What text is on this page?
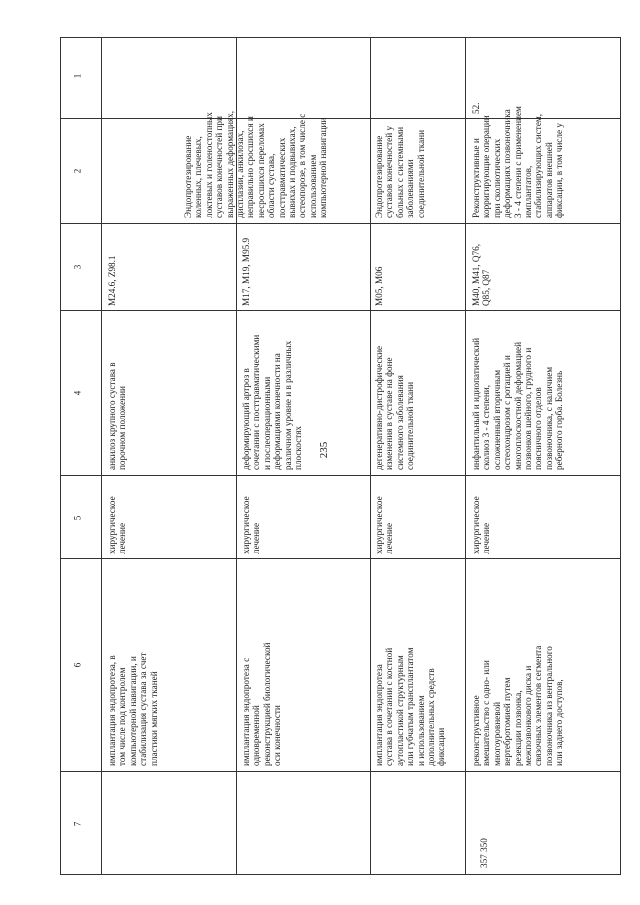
235
1
2
3
4
5
6
7
M24.6, Z98.1
анкилоз крупного сустава в
порочном положении
хирургическое
лечение
имплантация эндопротеза, в
том числе под контролем
компьютерной навигации, и
стабилизация сустава за счет
пластики мягких тканей
Эндопротезирование
коленных, плечевых,
локтевых и голеностопных
суставов конечностей при
выраженных деформациях,
дисплазии, анкилозах,
неправильно сросшихся и
несросшихся переломах
области сустава,
посттравматических
вывихах и подвывихах,
остеопорозе, в том числе с
использованием
компьютерной навигации
M17, M19, M95.9
деформирующий артроз в
сочетании с посттравматическими
и послеоперационными
деформациями конечности на
различном уровне и в различных
плоскостях
хирургическое
лечение
имплантация эндопротеза с
одновременной
реконструкцией биологической
оси конечности
Эндопротезирование
суставов конечностей у
больных с системными
заболеваниями
соединительной ткани
M05, M06
дегенеративно-дистрофические
изменения в суставе на фоне
системного заболевания
соединительной ткани
хирургическое
лечение
имплантация эндопротеза
сустава в сочетании с костной
аутопластикой структурным
или губчатым трансплантатом
и использованием
дополнительных средств
фиксации
52.
Реконструктивные и
корригирующие операции
при сколиотических
деформациях позвоночника
3 - 4 степени с применением
имплантатов,
стабилизирующих систем,
аппаратов внешней
фиксации, в том числе у
M40, M41, Q76,
Q85, Q87
инфантильный и идиопатический
сколиоз 3 - 4 степени,
осложненный вторичным
остеохондрозом с ротацией и
многоплоскостной деформацией
позвонков шейного, грудного и
поясничного отделов
позвоночника, с наличием
реберного горба. Болезнь
хирургическое
лечение
реконструктивное
вмешательство с одно- или
многоуровневой
вертебротомией путем
резекции позвонка,
межпозвонкового диска и
связочных элементов сегмента
позвоночника из вентрального
или заднего доступов,
357 350
